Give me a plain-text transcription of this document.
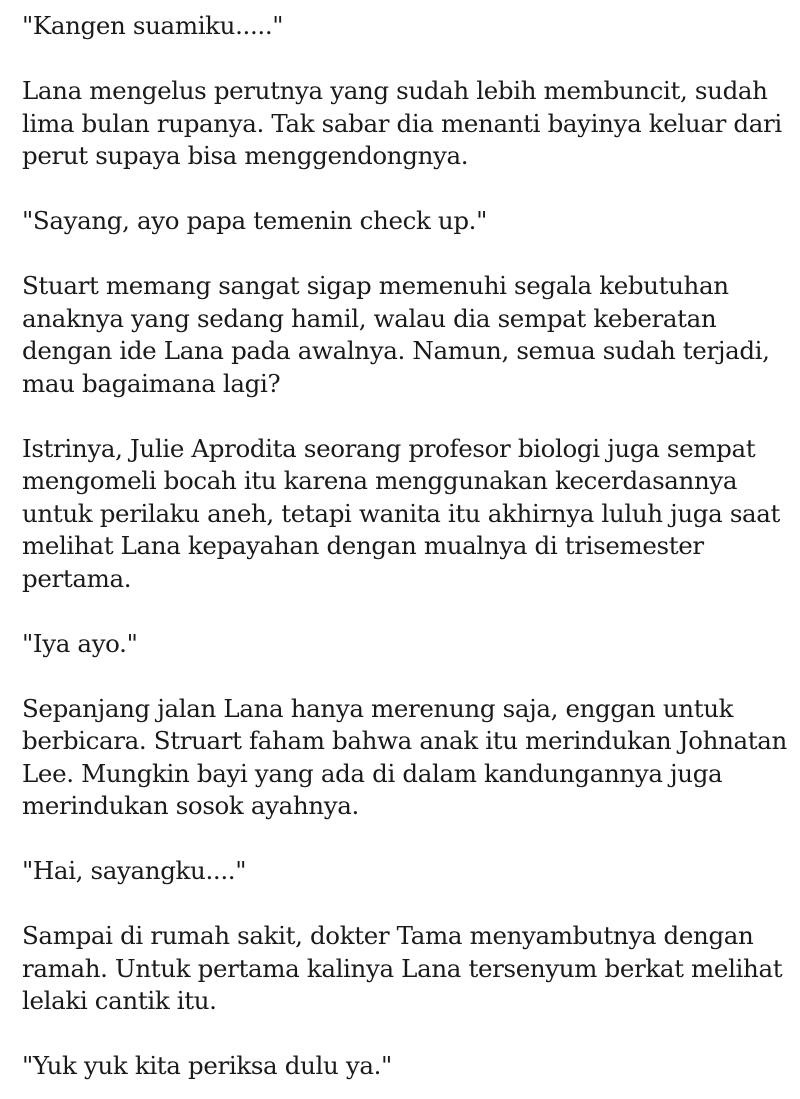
"Kangen suamiku....."

Lana mengelus perutnya yang sudah lebih membuncit, sudah lima bulan rupanya. Tak sabar dia menanti bayinya keluar dari perut supaya bisa menggendongnya.

"Sayang, ayo papa temenin check up."

Stuart memang sangat sigap memenuhi segala kebutuhan anaknya yang sedang hamil, walau dia sempat keberatan dengan ide Lana pada awalnya. Namun, semua sudah terjadi, mau bagaimana lagi?

Istrinya, Julie Aprodita seorang profesor biologi juga sempat mengomeli bocah itu karena menggunakan kecerdasannya untuk perilaku aneh, tetapi wanita itu akhirnya luluh juga saat melihat Lana kepayahan dengan mualnya di trisemester pertama.

"Iya ayo."

Sepanjang jalan Lana hanya merenung saja, enggan untuk berbicara. Struart faham bahwa anak itu merindukan Johnatan Lee. Mungkin bayi yang ada di dalam kandungannya juga merindukan sosok ayahnya.

"Hai, sayangku...."

Sampai di rumah sakit, dokter Tama menyambutnya dengan ramah. Untuk pertama kalinya Lana tersenyum berkat melihat lelaki cantik itu.

"Yuk yuk kita periksa dulu ya."
